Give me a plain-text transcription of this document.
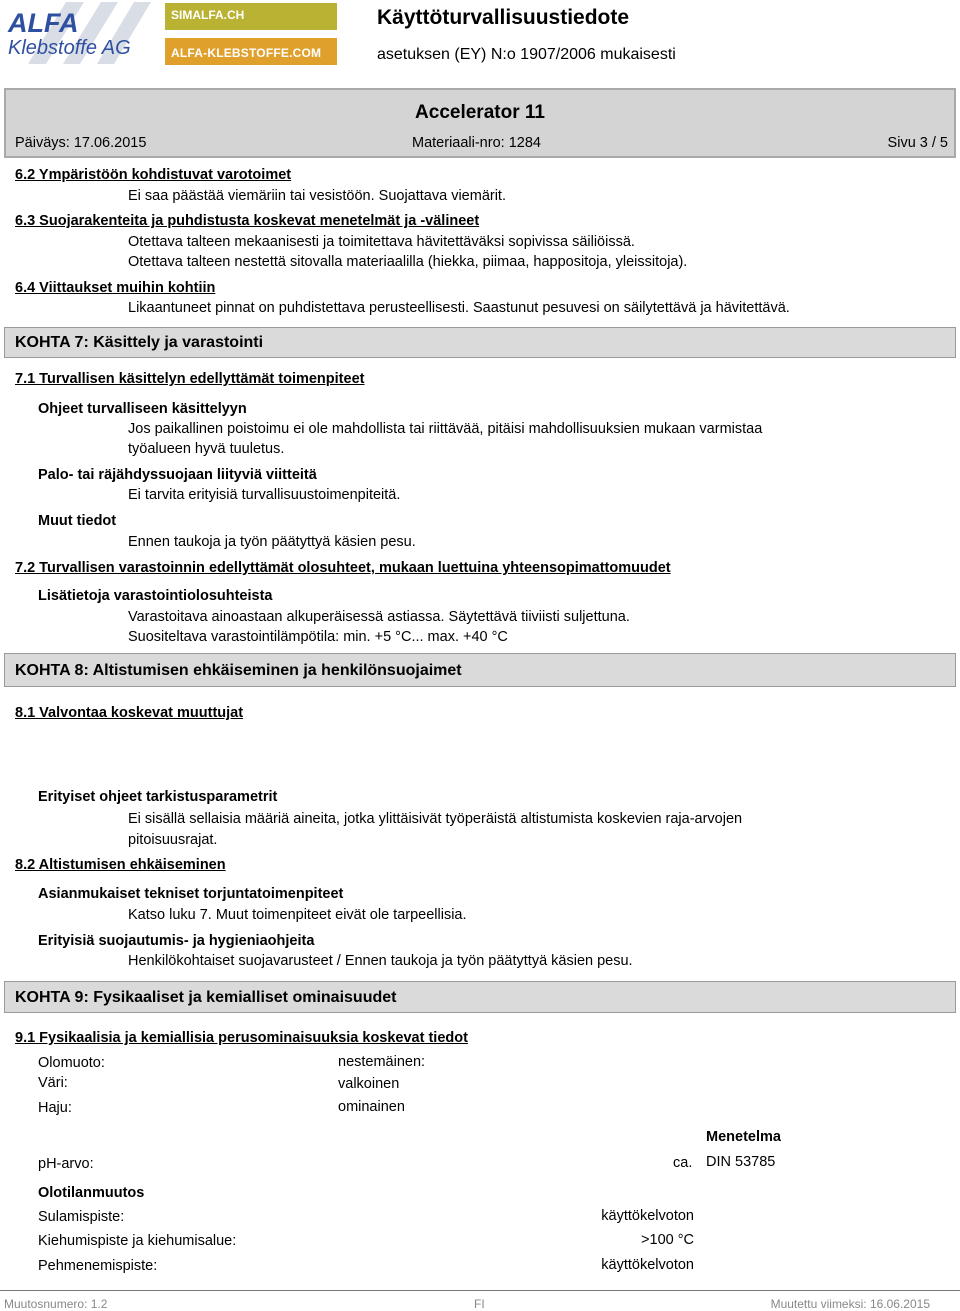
ALFA
Klebstoffe AG
SIMALFA.CH
ALFA-KLEBSTOFFE.COM
Käyttöturvallisuustiedote
asetuksen (EY) N:o 1907/2006 mukaisesti
Accelerator 11
Päiväys: 17.06.2015	Materiaali-nro: 1284	Sivu 3 / 5
6.2 Ympäristöön kohdistuvat varotoimet
Ei saa päästää viemäriin tai vesistöön. Suojattava viemärit.
6.3 Suojarakenteita ja puhdistusta koskevat menetelmät ja -välineet
Otettava talteen mekaanisesti ja toimitettava hävitettäväksi sopivissa säiliöissä.
Otettava talteen nestettä sitovalla materiaalilla (hiekka, piimaa, happositoja, yleissitoja).
6.4 Viittaukset muihin kohtiin
Likaantuneet pinnat on puhdistettava perusteellisesti. Saastunut pesuvesi on säilytettävä ja hävitettävä.
KOHTA 7: Käsittely ja varastointi
7.1 Turvallisen käsittelyn edellyttämät toimenpiteet
Ohjeet turvalliseen käsittelyyn
Jos paikallinen poistoimu ei ole mahdollista tai riittävää, pitäisi mahdollisuuksien mukaan varmistaa
työalueen hyvä tuuletus.
Palo- tai räjähdyssuojaan liityviä viitteitä
Ei tarvita erityisiä turvallisuustoimenpiteitä.
Muut tiedot
Ennen taukoja ja työn päätyttyä käsien pesu.
7.2 Turvallisen varastoinnin edellyttämät olosuhteet, mukaan luettuina yhteensopimattomuudet
Lisätietoja varastointiolosuhteista
Varastoitava ainoastaan alkuperäisessä astiassa. Säytettävä tiiviisti suljettuna.
Suositeltava varastointilämpötila: min. +5 °C... max. +40 °C
KOHTA 8: Altistumisen ehkäiseminen ja henkilönsuojaimet
8.1 Valvontaa koskevat muuttujat
Erityiset ohjeet tarkistusparametrit
Ei sisällä sellaisia määriä aineita, jotka ylittäisivät työperäistä altistumista koskevien raja-arvojen
pitoisuusrajat.
8.2 Altistumisen ehkäiseminen
Asianmukaiset tekniset torjuntatoimenpiteet
Katso luku 7. Muut toimenpiteet eivät ole tarpeellisia.
Erityisiä suojautumis- ja hygieniaohjeita
Henkilökohtaiset suojavarusteet / Ennen taukoja ja työn päätyttyä käsien pesu.
KOHTA 9: Fysikaaliset ja kemialliset ominaisuudet
9.1 Fysikaalisia ja kemiallisia perusominaisuuksia koskevat tiedot
Olomuoto:	nestemäinen:
Väri:	valkoinen
Haju:	ominainen
Menetelma
pH-arvo:	ca. DIN 53785
Olotilanmuutos
Sulamispiste:	käyttökelvoton
Kiehumispiste ja kiehumisalue:	>100 °C
Pehmenemispiste:	käyttökelvoton
Muutosnumero: 1.2	FI	Muutettu viimeksi: 16.06.2015
